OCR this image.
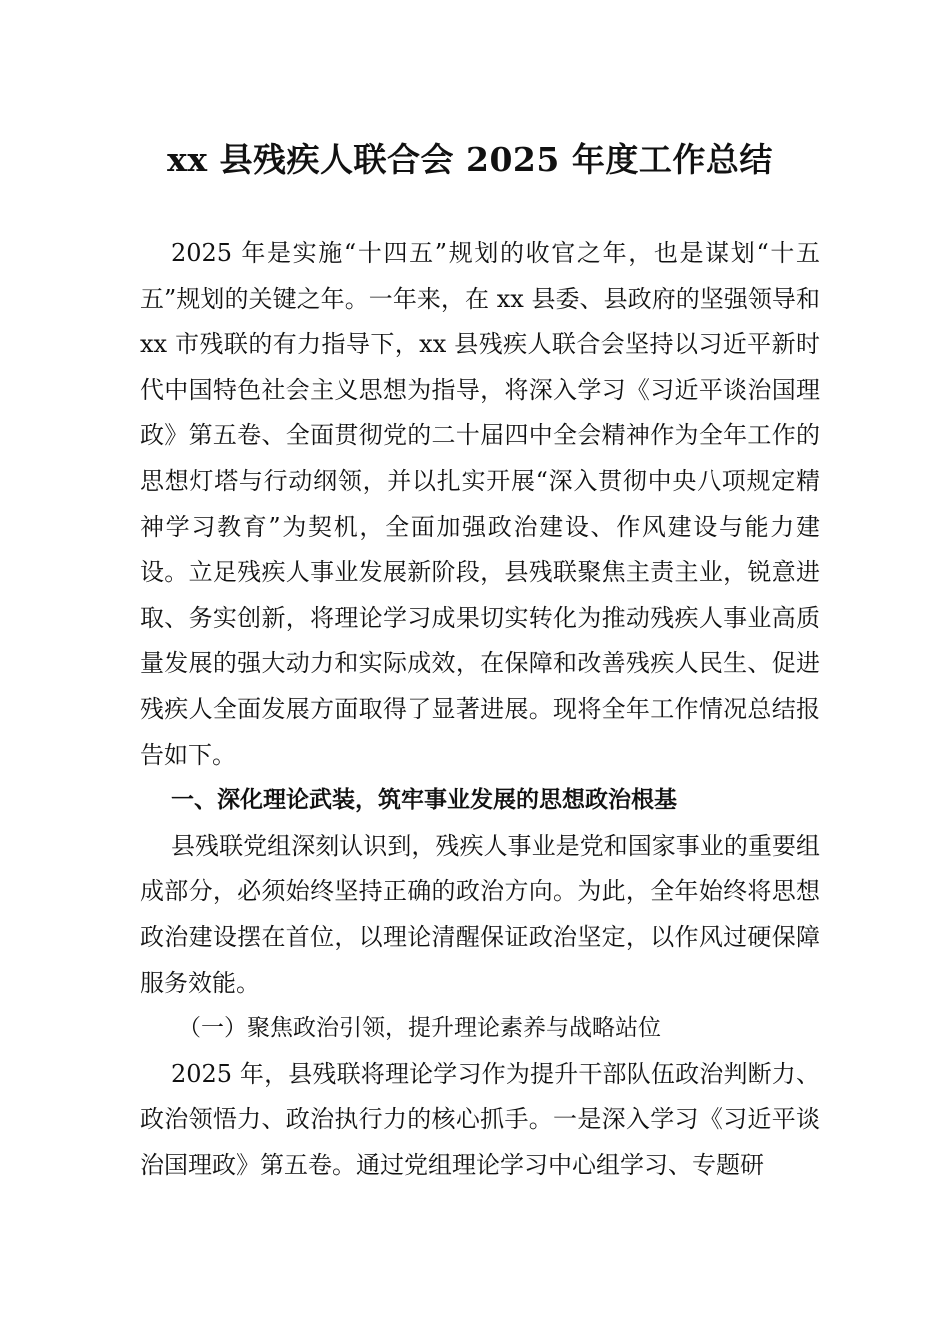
xx 县残疾人联合会 2025 年度工作总结

2025 年是实施“十四五”规划的收官之年，也是谋划“十五五”规划的关键之年。一年来，在 xx 县委、县政府的坚强领导和 xx 市残联的有力指导下，xx 县残疾人联合会坚持以习近平新时代中国特色社会主义思想为指导，将深入学习《习近平谈治国理政》第五卷、全面贯彻党的二十届四中全会精神作为全年工作的思想灯塔与行动纲领，并以扎实开展“深入贯彻中央八项规定精神学习教育”为契机，全面加强政治建设、作风建设与能力建设。立足残疾人事业发展新阶段，县残联聚焦主责主业，锐意进取、务实创新，将理论学习成果切实转化为推动残疾人事业高质量发展的强大动力和实际成效，在保障和改善残疾人民生、促进残疾人全面发展方面取得了显著进展。现将全年工作情况总结报告如下。

一、深化理论武装，筑牢事业发展的思想政治根基

县残联党组深刻认识到，残疾人事业是党和国家事业的重要组成部分，必须始终坚持正确的政治方向。为此，全年始终将思想政治建设摆在首位，以理论清醒保证政治坚定，以作风过硬保障服务效能。

（一）聚焦政治引领，提升理论素养与战略站位

2025 年，县残联将理论学习作为提升干部队伍政治判断力、政治领悟力、政治执行力的核心抓手。一是深入学习《习近平谈治国理政》第五卷。通过党组理论学习中心组学习、专题研
